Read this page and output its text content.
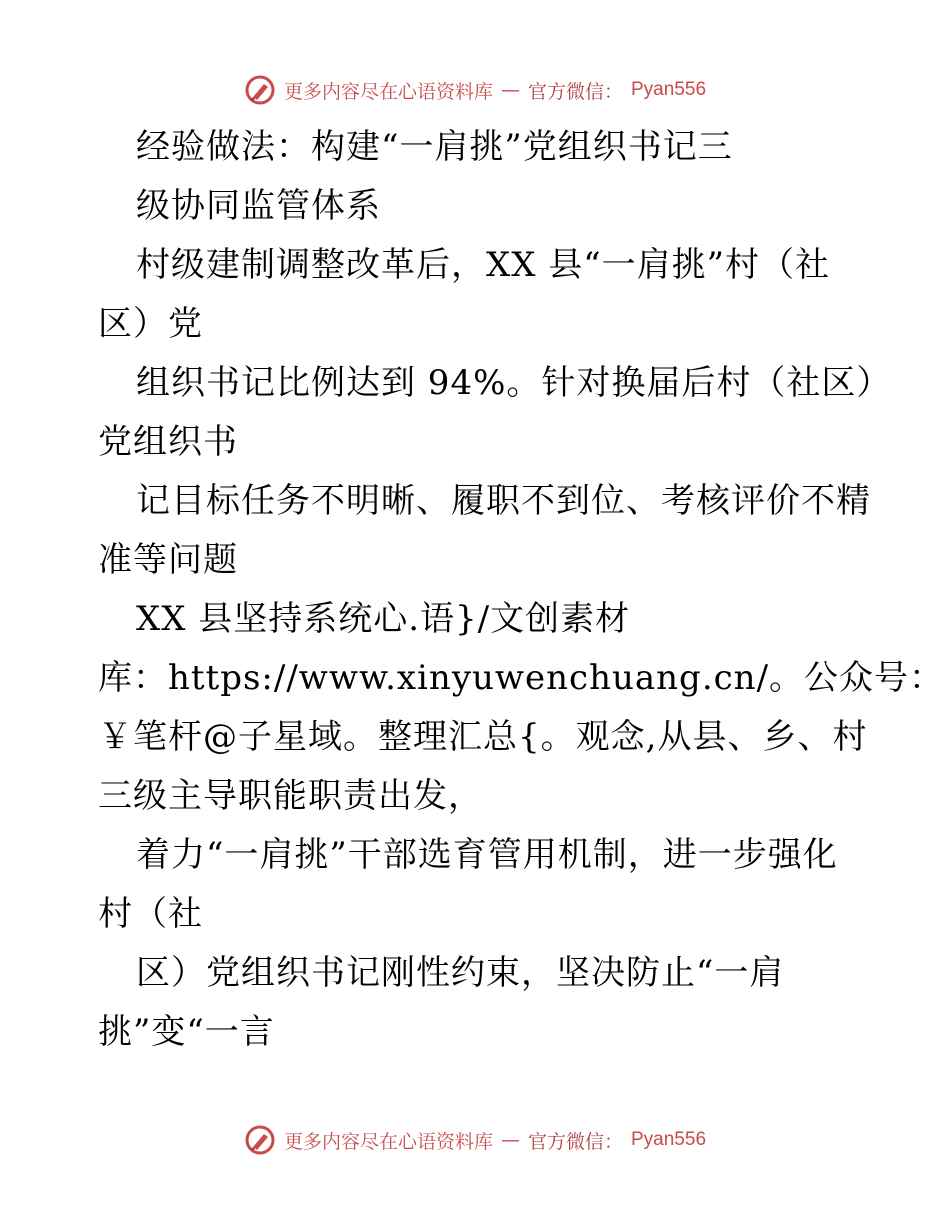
更多内容尽在心语资料库 — 官方微信： Pyan556
经验做法：构建“一肩挑”党组织书记三
级协同监管体系
村级建制调整改革后，XX 县“一肩挑”村（社
区）党
组织书记比例达到 94%。针对换届后村（社区）
党组织书
记目标任务不明晰、履职不到位、考核评价不精
准等问题
XX 县坚持系统心.语}/文创素材
库：https://www.xinyuwenchuang.cn/。公众号：
￥笔杆@子星域。整理汇总{。观念,从县、乡、村
三级主导职能职责出发，
着力“一肩挑”干部选育管用机制，进一步强化
村（社
区）党组织书记刚性约束，坚决防止“一肩
挑”变“一言
更多内容尽在心语资料库 — 官方微信： Pyan556
